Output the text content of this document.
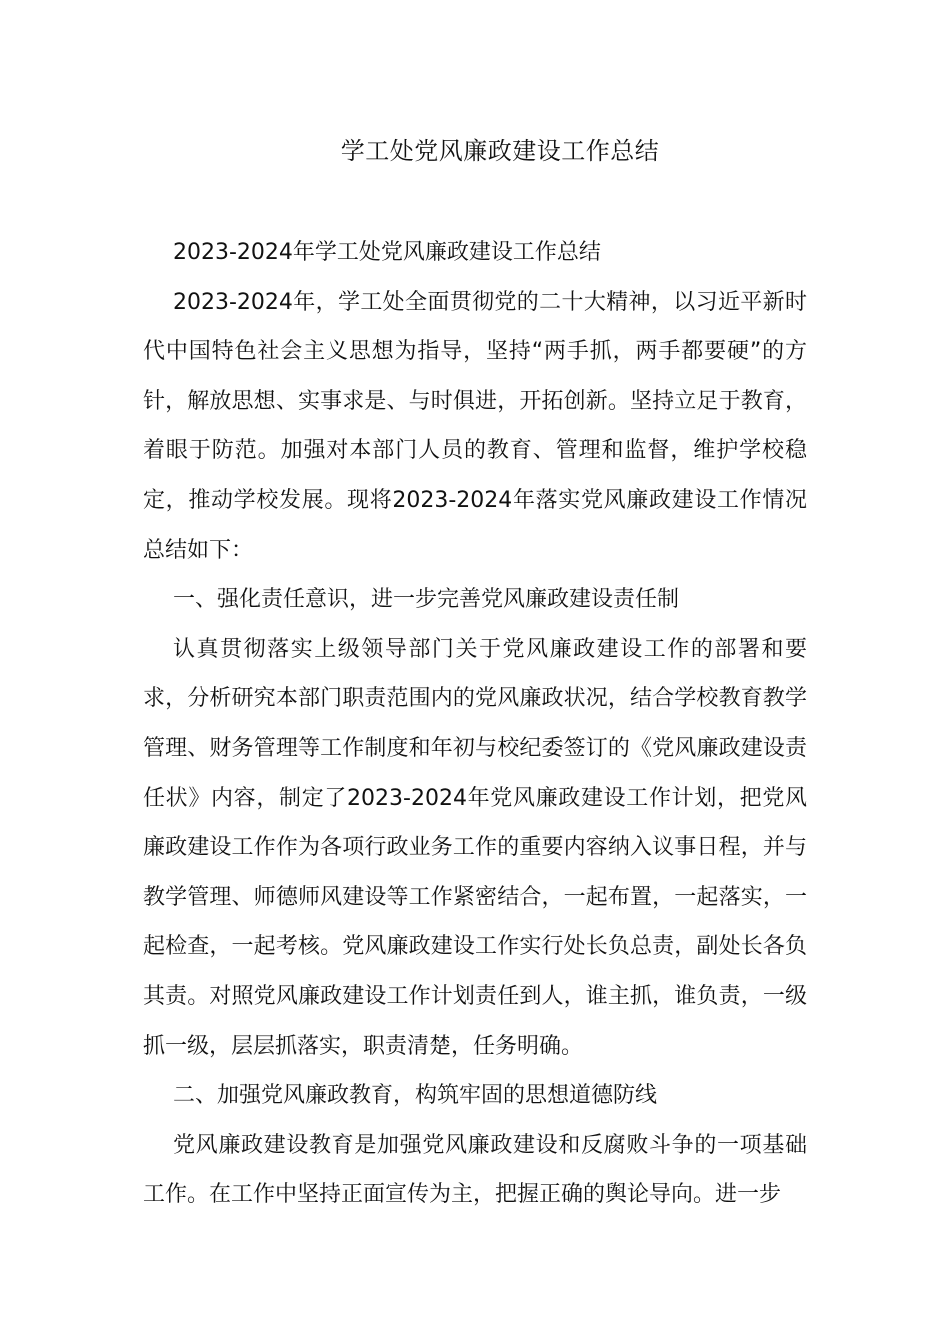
学工处党风廉政建设工作总结

2023-2024年学工处党风廉政建设工作总结

2023-2024年，学工处全面贯彻党的二十大精神，以习近平新时代中国特色社会主义思想为指导，坚持“两手抓，两手都要硬”的方针，解放思想、实事求是、与时俱进，开拓创新。坚持立足于教育，着眼于防范。加强对本部门人员的教育、管理和监督，维护学校稳定，推动学校发展。现将2023-2024年落实党风廉政建设工作情况总结如下：

一、强化责任意识，进一步完善党风廉政建设责任制

认真贯彻落实上级领导部门关于党风廉政建设工作的部署和要求，分析研究本部门职责范围内的党风廉政状况，结合学校教育教学管理、财务管理等工作制度和年初与校纪委签订的《党风廉政建设责任状》内容，制定了2023-2024年党风廉政建设工作计划，把党风廉政建设工作作为各项行政业务工作的重要内容纳入议事日程，并与教学管理、师德师风建设等工作紧密结合，一起布置，一起落实，一起检查，一起考核。党风廉政建设工作实行处长负总责，副处长各负其责。对照党风廉政建设工作计划责任到人，谁主抓，谁负责，一级抓一级，层层抓落实，职责清楚，任务明确。

二、加强党风廉政教育，构筑牢固的思想道德防线

党风廉政建设教育是加强党风廉政建设和反腐败斗争的一项基础工作。在工作中坚持正面宣传为主，把握正确的舆论导向。进一步
